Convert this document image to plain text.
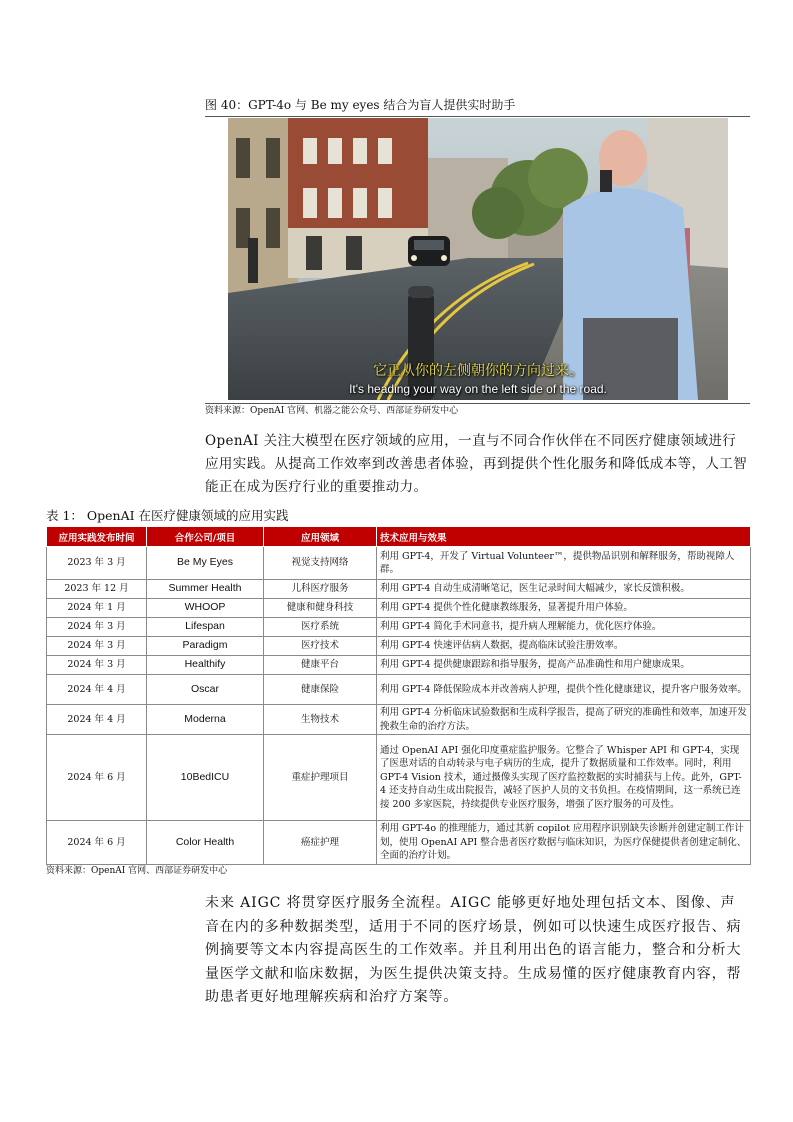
图 40：GPT-4o 与 Be my eyes 结合为盲人提供实时助手
它正从你的左侧朝你的方向过来。
It's heading your way on the left side of the road.
资料来源：OpenAI 官网、机器之能公众号、西部证券研发中心
OpenAI 关注大模型在医疗领域的应用，一直与不同合作伙伴在不同医疗健康领域进行应用实践。从提高工作效率到改善患者体验，再到提供个性化服务和降低成本等，人工智能正在成为医疗行业的重要推动力。
表 1： OpenAI 在医疗健康领域的应用实践
应用实践发布时间	合作公司/项目	应用领域	技术应用与效果
2023 年 3 月	Be My Eyes	视觉支持网络	利用 GPT-4，开发了 Virtual Volunteer™，提供物品识别和解释服务，帮助视障人群。
2023 年 12 月	Summer Health	儿科医疗服务	利用 GPT-4 自动生成清晰笔记，医生记录时间大幅减少，家长反馈积极。
2024 年 1 月	WHOOP	健康和健身科技	利用 GPT-4 提供个性化健康教练服务，显著提升用户体验。
2024 年 3 月	Lifespan	医疗系统	利用 GPT-4 简化手术同意书，提升病人理解能力，优化医疗体验。
2024 年 3 月	Paradigm	医疗技术	利用 GPT-4 快速评估病人数据，提高临床试验注册效率。
2024 年 3 月	Healthify	健康平台	利用 GPT-4 提供健康跟踪和指导服务，提高产品准确性和用户健康成果。
2024 年 4 月	Oscar	健康保险	利用 GPT-4 降低保险成本并改善病人护理，提供个性化健康建议，提升客户服务效率。
2024 年 4 月	Moderna	生物技术	利用 GPT-4 分析临床试验数据和生成科学报告，提高了研究的准确性和效率，加速开发挽救生命的治疗方法。
2024 年 6 月	10BedICU	重症护理项目	通过 OpenAI API 强化印度重症监护服务。它整合了 Whisper API 和 GPT-4，实现了医患对话的自动转录与电子病历的生成，提升了数据质量和工作效率。同时，利用 GPT-4 Vision 技术，通过摄像头实现了医疗监控数据的实时捕获与上传。此外，GPT-4 还支持自动生成出院报告，减轻了医护人员的文书负担。在疫情期间，这一系统已连接 200 多家医院，持续提供专业医疗服务，增强了医疗服务的可及性。
2024 年 6 月	Color Health	癌症护理	利用 GPT-4o 的推理能力，通过其新 copilot 应用程序识别缺失诊断并创建定制工作计划，使用 OpenAI API 整合患者医疗数据与临床知识，为医疗保健提供者创建定制化、全面的治疗计划。
资料来源：OpenAI 官网、西部证券研发中心
未来 AIGC 将贯穿医疗服务全流程。AIGC 能够更好地处理包括文本、图像、声音在内的多种数据类型，适用于不同的医疗场景，例如可以快速生成医疗报告、病例摘要等文本内容提高医生的工作效率。并且利用出色的语言能力，整合和分析大量医学文献和临床数据，为医生提供决策支持。生成易懂的医疗健康教育内容，帮助患者更好地理解疾病和治疗方案等。
